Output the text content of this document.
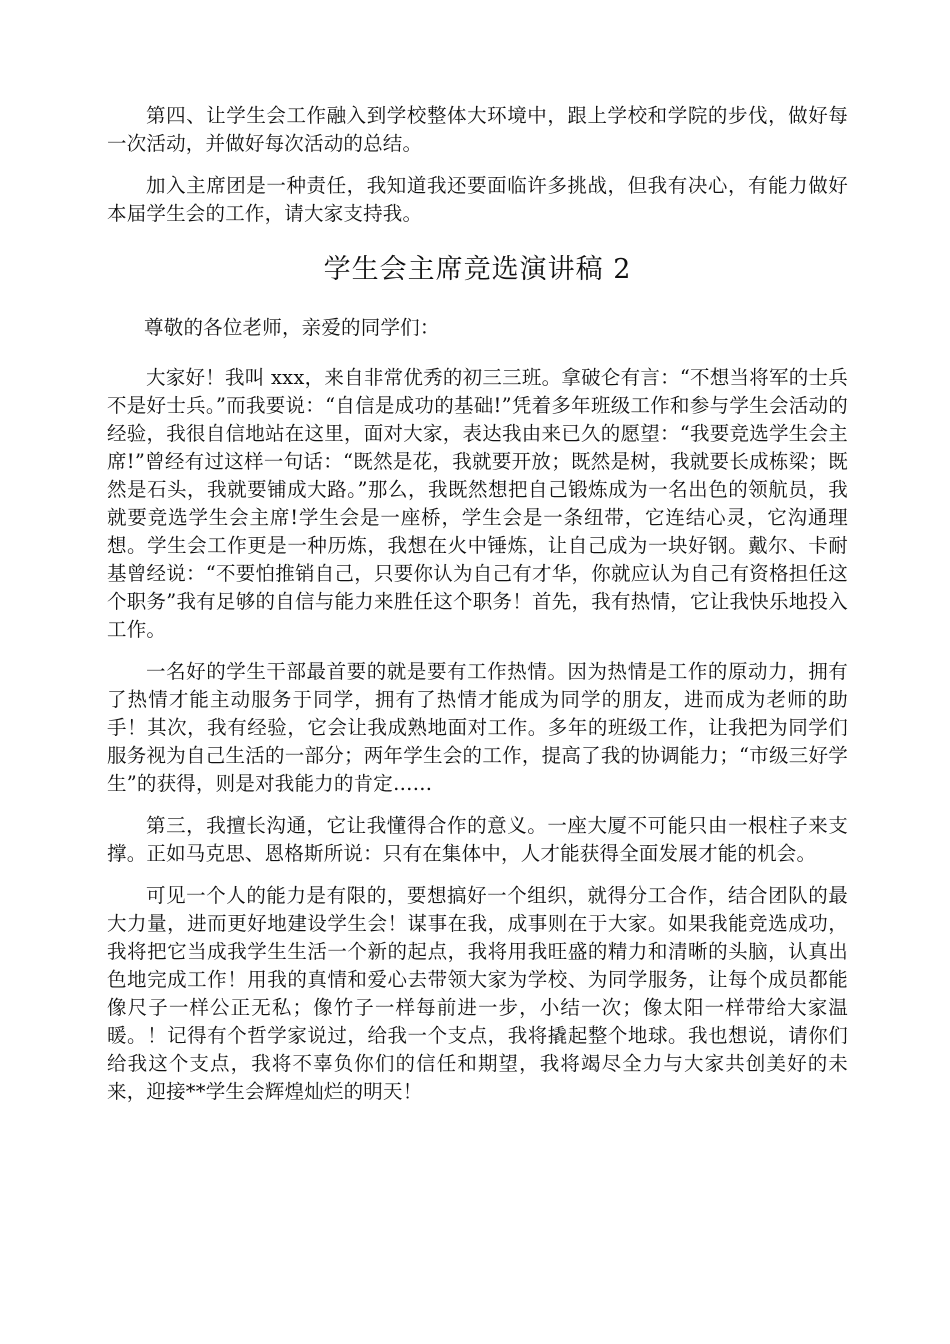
第四、让学生会工作融入到学校整体大环境中，跟上学校和学院的步伐，做好每一次活动，并做好每次活动的总结。

加入主席团是一种责任，我知道我还要面临许多挑战，但我有决心，有能力做好本届学生会的工作，请大家支持我。

学生会主席竞选演讲稿 2

尊敬的各位老师，亲爱的同学们：

大家好！我叫 xxx，来自非常优秀的初三三班。拿破仑有言：“不想当将军的士兵不是好士兵。”而我要说：“自信是成功的基础!”凭着多年班级工作和参与学生会活动的经验，我很自信地站在这里，面对大家，表达我由来已久的愿望：“我要竞选学生会主席!”曾经有过这样一句话：“既然是花，我就要开放；既然是树，我就要长成栋梁；既然是石头，我就要铺成大路。”那么，我既然想把自己锻炼成为一名出色的领航员，我就要竞选学生会主席!学生会是一座桥，学生会是一条纽带，它连结心灵，它沟通理想。学生会工作更是一种历炼，我想在火中锤炼，让自己成为一块好钢。戴尔、卡耐基曾经说：“不要怕推销自己，只要你认为自己有才华，你就应认为自己有资格担任这个职务”我有足够的自信与能力来胜任这个职务！首先，我有热情，它让我快乐地投入工作。

一名好的学生干部最首要的就是要有工作热情。因为热情是工作的原动力，拥有了热情才能主动服务于同学，拥有了热情才能成为同学的朋友，进而成为老师的助手！其次，我有经验，它会让我成熟地面对工作。多年的班级工作，让我把为同学们服务视为自己生活的一部分；两年学生会的工作，提高了我的协调能力；“市级三好学生”的获得，则是对我能力的肯定……

第三，我擅长沟通，它让我懂得合作的意义。一座大厦不可能只由一根柱子来支撑。正如马克思、恩格斯所说：只有在集体中，人才能获得全面发展才能的机会。

可见一个人的能力是有限的，要想搞好一个组织，就得分工合作，结合团队的最大力量，进而更好地建设学生会！谋事在我，成事则在于大家。如果我能竞选成功，我将把它当成我学生生活一个新的起点，我将用我旺盛的精力和清晰的头脑，认真出色地完成工作！用我的真情和爱心去带领大家为学校、为同学服务，让每个成员都能像尺子一样公正无私；像竹子一样每前进一步，小结一次；像太阳一样带给大家温暖。！记得有个哲学家说过，给我一个支点，我将撬起整个地球。我也想说，请你们给我这个支点，我将不辜负你们的信任和期望，我将竭尽全力与大家共创美好的未来，迎接**学生会辉煌灿烂的明天！
